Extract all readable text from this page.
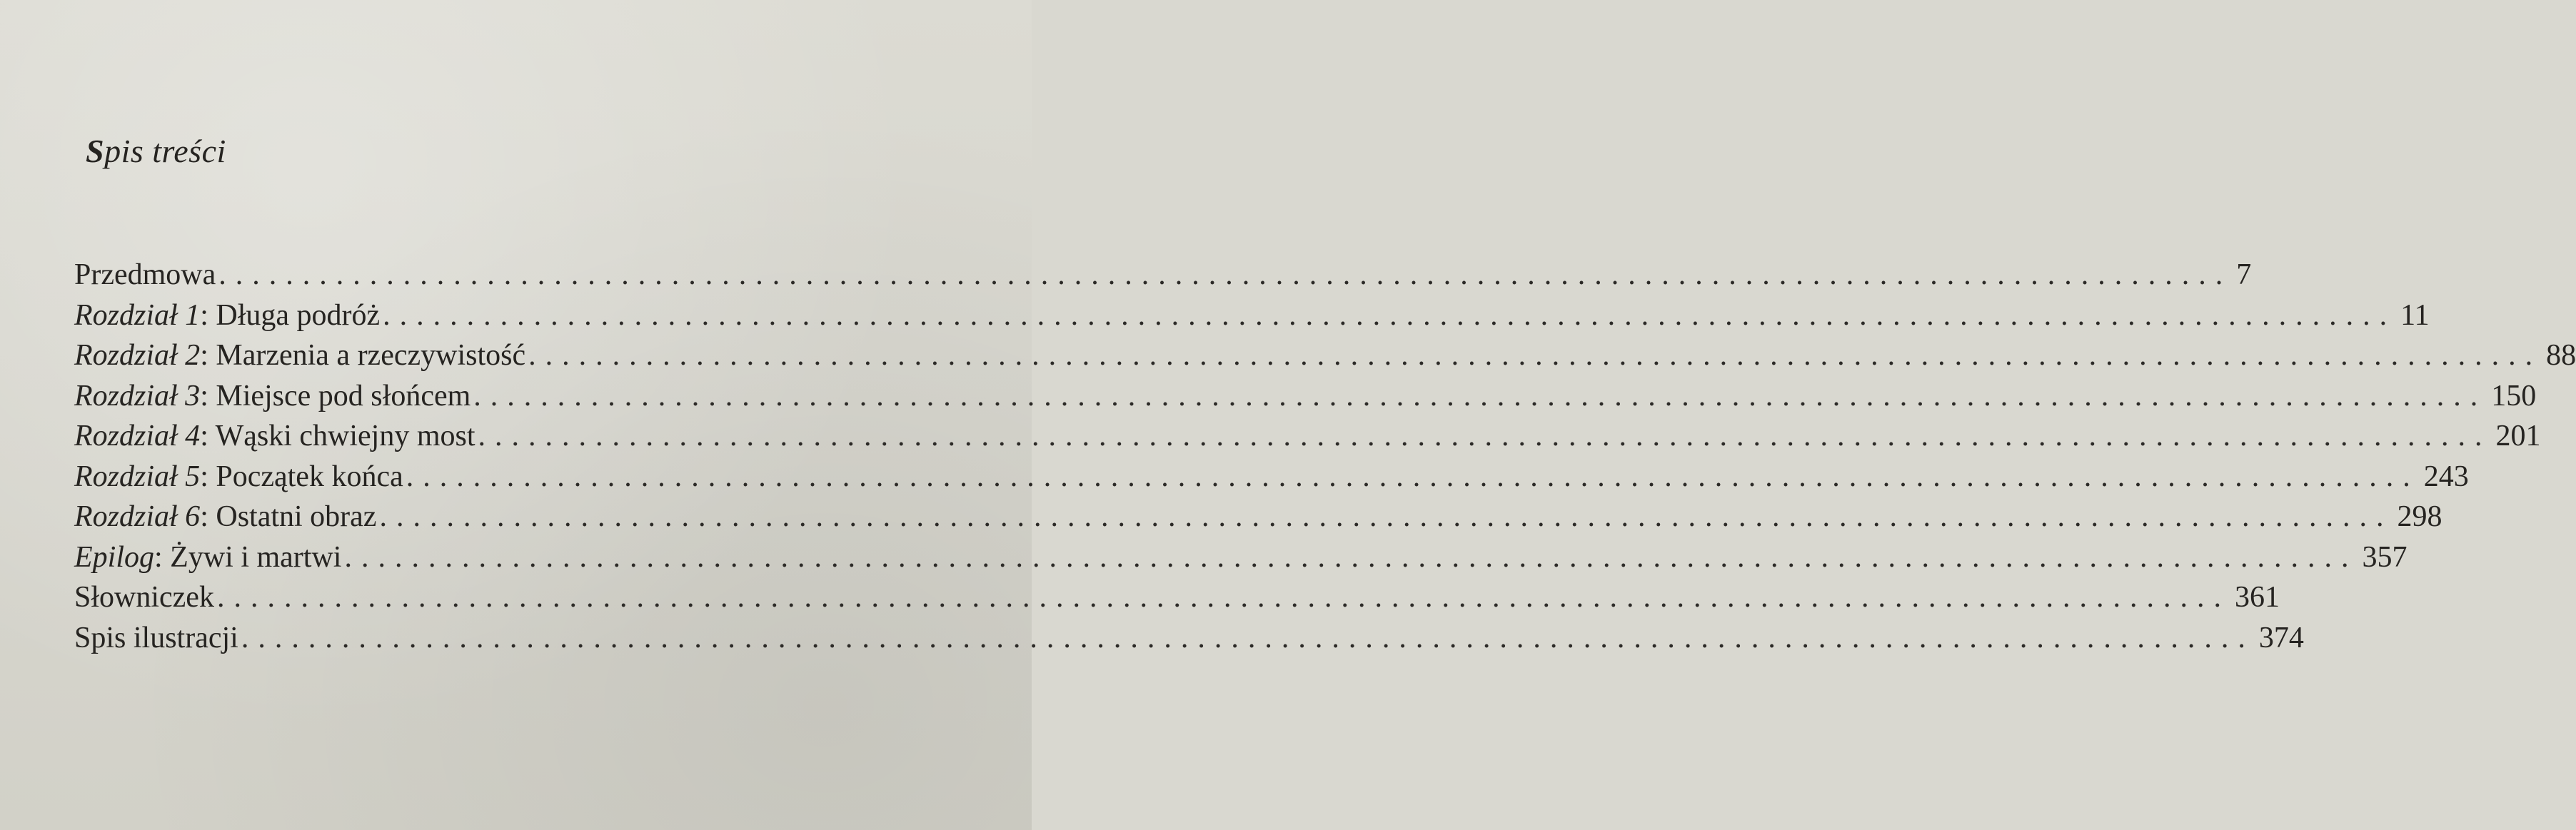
Spis treści
Przedmowa ........................................................................................................................ 7
Rozdział 1: Długa podróż ........................................................................................................................ 11
Rozdział 2: Marzenia a rzeczywistość ........................................................................................................................ 88
Rozdział 3: Miejsce pod słońcem ........................................................................................................................ 150
Rozdział 4: Wąski chwiejny most ........................................................................................................................ 201
Rozdział 5: Początek końca ........................................................................................................................ 243
Rozdział 6: Ostatni obraz ........................................................................................................................ 298
Epilog: Żywi i martwi ........................................................................................................................ 357
Słowniczek ........................................................................................................................ 361
Spis ilustracji ........................................................................................................................ 374
